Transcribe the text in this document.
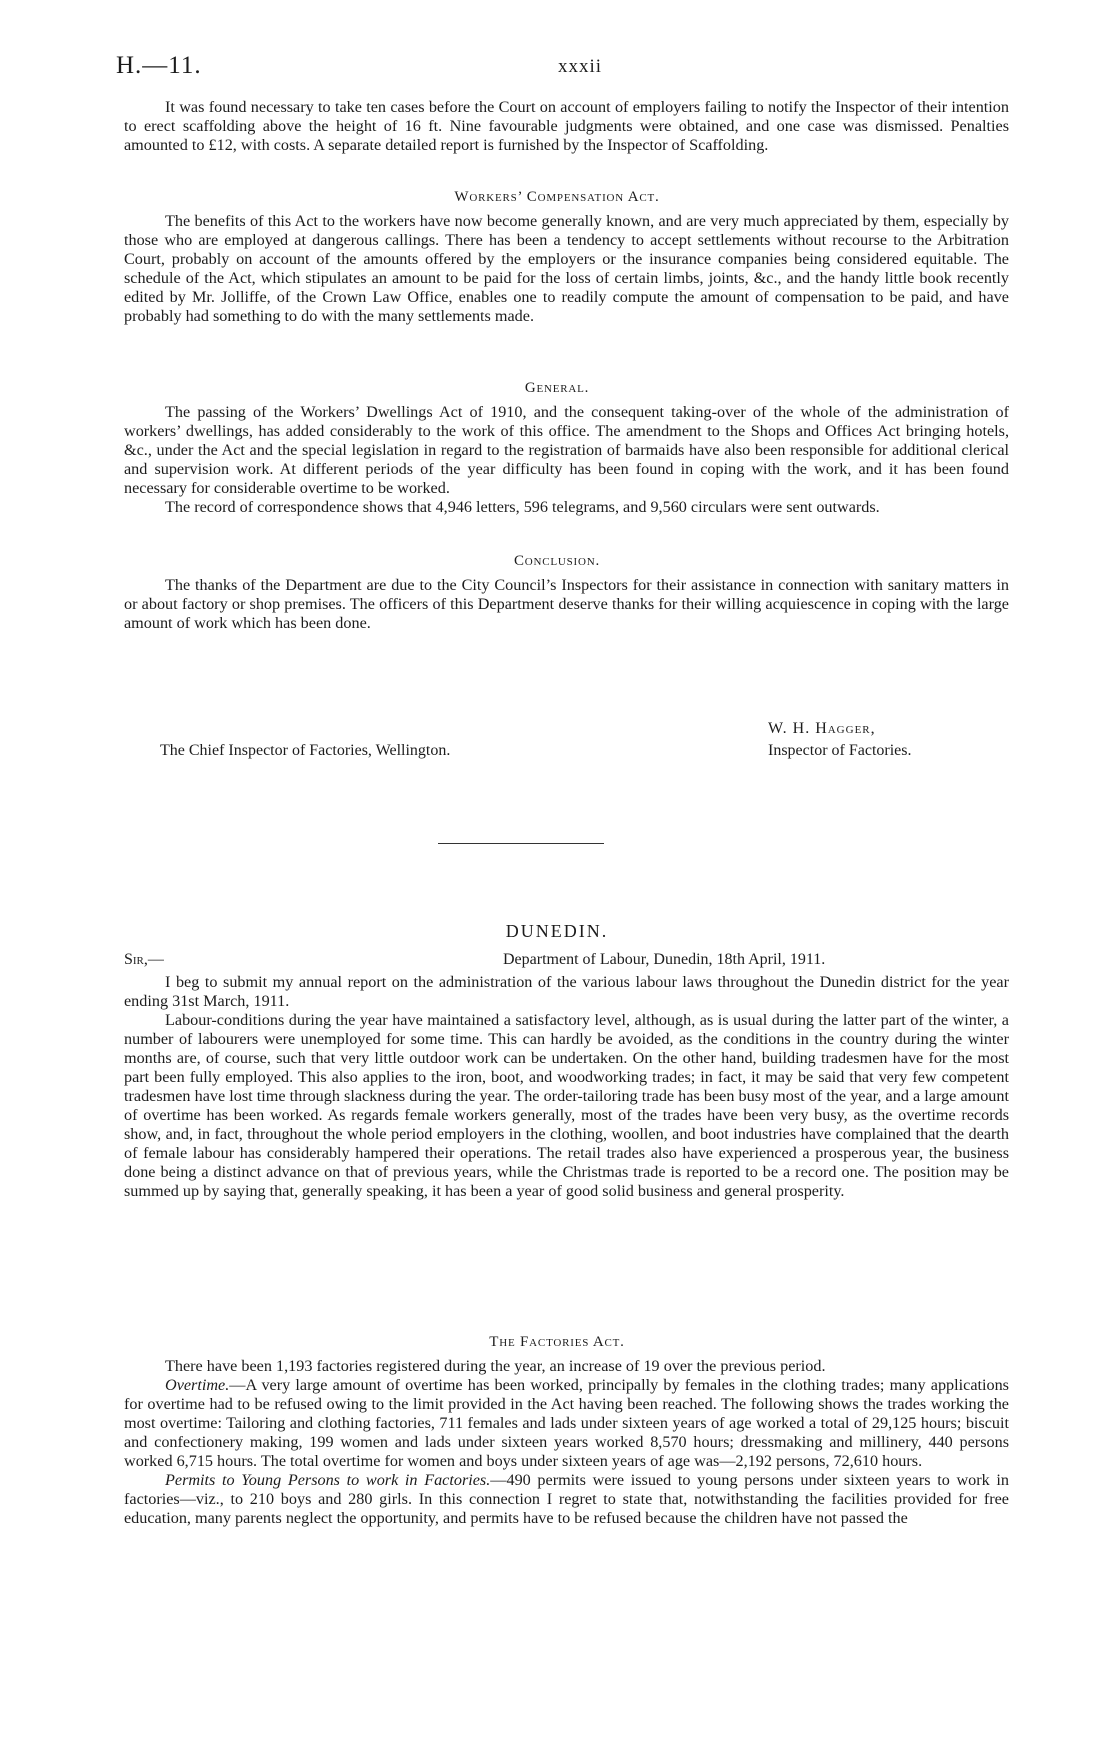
H.—11.	xxxii

It was found necessary to take ten cases before the Court on account of employers failing to notify the Inspector of their intention to erect scaffolding above the height of 16 ft. Nine favourable judgments were obtained, and one case was dismissed. Penalties amounted to £12, with costs. A separate detailed report is furnished by the Inspector of Scaffolding.

Workers’ Compensation Act.

The benefits of this Act to the workers have now become generally known, and are very much appreciated by them, especially by those who are employed at dangerous callings. There has been a tendency to accept settlements without recourse to the Arbitration Court, probably on account of the amounts offered by the employers or the insurance companies being considered equitable. The schedule of the Act, which stipulates an amount to be paid for the loss of certain limbs, joints, &c., and the handy little book recently edited by Mr. Jolliffe, of the Crown Law Office, enables one to readily compute the amount of compensation to be paid, and have probably had something to do with the many settlements made.

General.

The passing of the Workers’ Dwellings Act of 1910, and the consequent taking-over of the whole of the administration of workers’ dwellings, has added considerably to the work of this office. The amendment to the Shops and Offices Act bringing hotels, &c., under the Act and the special legislation in regard to the registration of barmaids have also been responsible for additional clerical and supervision work. At different periods of the year difficulty has been found in coping with the work, and it has been found necessary for considerable overtime to be worked.

The record of correspondence shows that 4,946 letters, 596 telegrams, and 9,560 circulars were sent outwards.

Conclusion.

The thanks of the Department are due to the City Council’s Inspectors for their assistance in connection with sanitary matters in or about factory or shop premises. The officers of this Department deserve thanks for their willing acquiescence in coping with the large amount of work which has been done.

W. H. Hagger,
The Chief Inspector of Factories, Wellington.	Inspector of Factories.
DUNEDIN.
Sir,—	Department of Labour, Dunedin, 18th April, 1911.

I beg to submit my annual report on the administration of the various labour laws throughout the Dunedin district for the year ending 31st March, 1911.

Labour-conditions during the year have maintained a satisfactory level, although, as is usual during the latter part of the winter, a number of labourers were unemployed for some time. This can hardly be avoided, as the conditions in the country during the winter months are, of course, such that very little outdoor work can be undertaken. On the other hand, building tradesmen have for the most part been fully employed. This also applies to the iron, boot, and woodworking trades; in fact, it may be said that very few competent tradesmen have lost time through slackness during the year. The order-tailoring trade has been busy most of the year, and a large amount of overtime has been worked. As regards female workers generally, most of the trades have been very busy, as the overtime records show, and, in fact, throughout the whole period employers in the clothing, woollen, and boot industries have complained that the dearth of female labour has considerably hampered their operations. The retail trades also have experienced a prosperous year, the business done being a distinct advance on that of previous years, while the Christmas trade is reported to be a record one. The position may be summed up by saying that, generally speaking, it has been a year of good solid business and general prosperity.

The Factories Act.

There have been 1,193 factories registered during the year, an increase of 19 over the previous period.

Overtime.—A very large amount of overtime has been worked, principally by females in the clothing trades; many applications for overtime had to be refused owing to the limit provided in the Act having been reached. The following shows the trades working the most overtime: Tailoring and clothing factories, 711 females and lads under sixteen years of age worked a total of 29,125 hours; biscuit and confectionery making, 199 women and lads under sixteen years worked 8,570 hours; dressmaking and millinery, 440 persons worked 6,715 hours. The total overtime for women and boys under sixteen years of age was—2,192 persons, 72,610 hours.

Permits to Young Persons to work in Factories.—490 permits were issued to young persons under sixteen years to work in factories—viz., to 210 boys and 280 girls. In this connection I regret to state that, notwithstanding the facilities provided for free education, many parents neglect the opportunity, and permits have to be refused because the children have not passed the
